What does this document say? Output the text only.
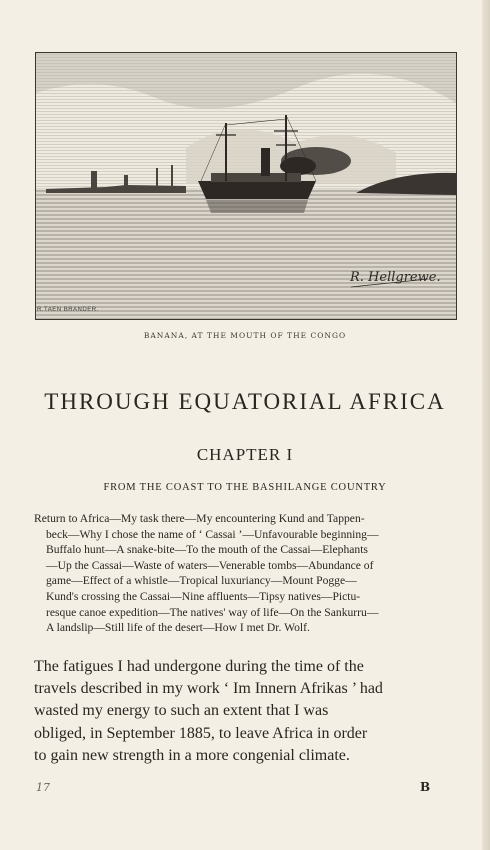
R. Hellgrewe.
R.TAEN BRANDER.
BANANA, AT THE MOUTH OF THE CONGO
THROUGH EQUATORIAL AFRICA
CHAPTER I
FROM THE COAST TO THE BASHILANGE COUNTRY
Return to Africa—My task there—My encountering Kund and Tappen-
beck—Why I chose the name of ‘ Cassai ’—Unfavourable beginning—
Buffalo hunt—A snake-bite—To the mouth of the Cassai—Elephants
—Up the Cassai—Waste of waters—Venerable tombs—Abundance of
game—Effect of a whistle—Tropical luxuriancy—Mount Pogge—
Kund's crossing the Cassai—Nine affluents—Tipsy natives—Pictu-
resque canoe expedition—The natives' way of life—On the Sankurru—
A landslip—Still life of the desert—How I met Dr. Wolf.
The fatigues I had undergone during the time of the
travels described in my work ‘ Im Innern Afrikas ’ had
wasted my energy to such an extent that I was
obliged, in September 1885, to leave Africa in order
to gain new strength in a more congenial climate.
17	B
